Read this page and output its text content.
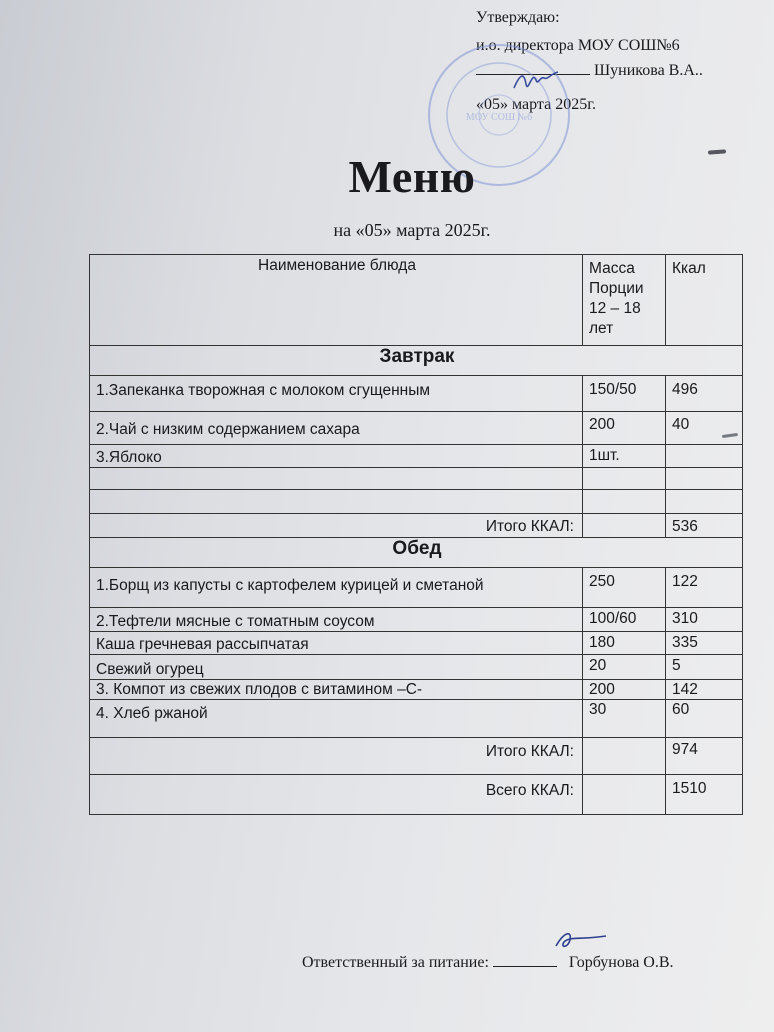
Утверждаю:
и.о. директора МОУ СОШ№6
Шуникова В.А..
«05» марта 2025г.
МОУ СОШ №6
Меню
на «05» марта 2025г.
Наименование блюда	Масса Порции 12 – 18 лет	Ккал
Завтрак		
1.Запеканка творожная с молоком сгущенным	150/50	496
2.Чай с низким содержанием сахара	200	40
3.Яблоко	1шт.	

Итого ККАЛ:		536
Обед		
1.Борщ из капусты с картофелем курицей и сметаной	250	122
2.Тефтели мясные с томатным соусом	100/60	310
Каша гречневая рассыпчатая	180	335
Свежий огурец	20	5
3. Компот из свежих плодов с витамином –С-	200	142
4. Хлеб ржаной	30	60
Итого ККАЛ:		974
Всего ККАЛ:		1510
Ответственный за питание:	Горбунова О.В.
